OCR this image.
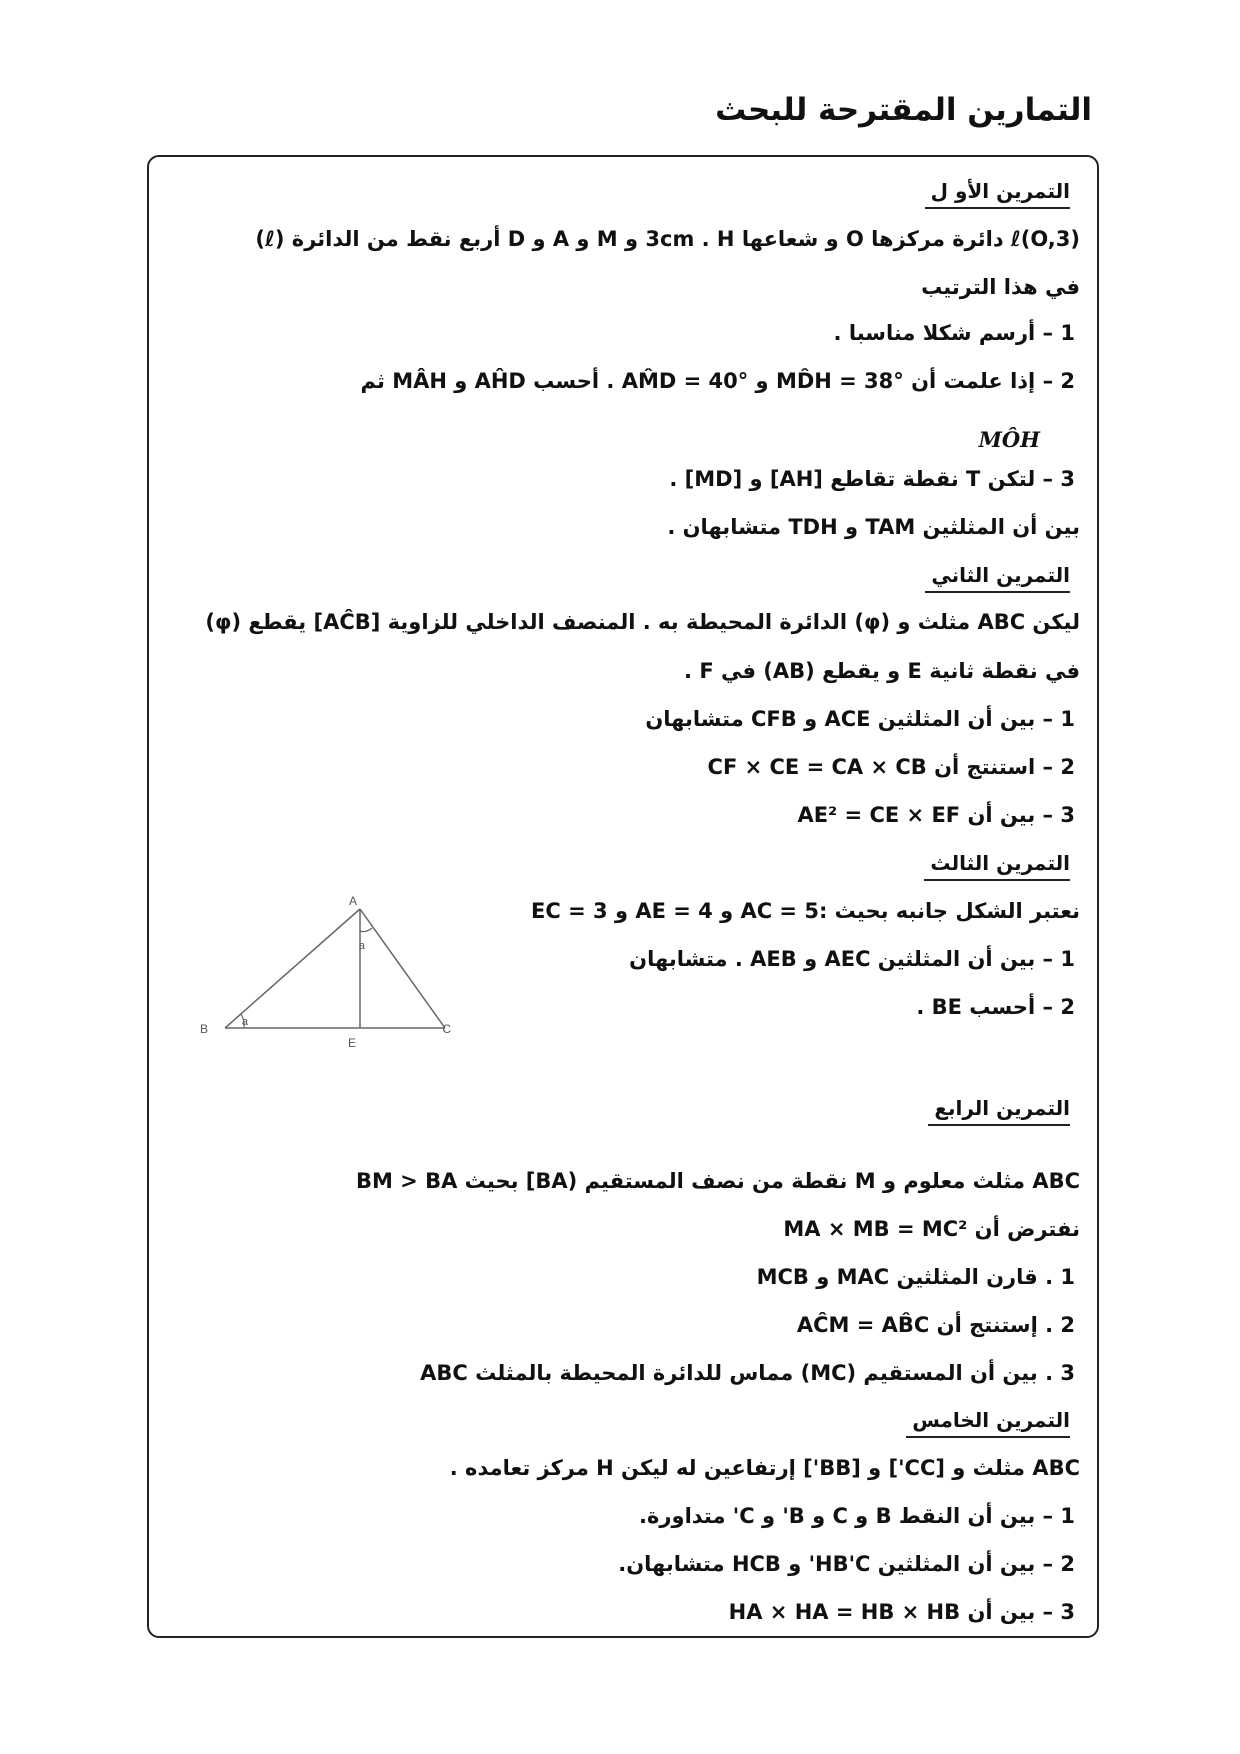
التمارين المقترحة للبحث
التمرين الأو ل
ℓ(O,3) دائرة مركزها O و شعاعها 3cm . H و M و A و D أربع نقط من الدائرة (ℓ)
في هذا الترتيب
1 – أرسم شكلا مناسبا .
2 – إذا علمت أن MD̂H = 38° و AM̂D = 40° . أحسب AĤD و MÂH ثم
MÔH
3 – لتكن T نقطة تقاطع [AH] و [MD] .
بين أن المثلثين TAM و TDH متشابهان .
التمرين الثاني
ليكن ABC مثلث و (φ) الدائرة المحيطة به . المنصف الداخلي للزاوية [AĈB] يقطع (φ)
في نقطة ثانية E و يقطع (AB) في F .
1 – بين أن المثلثين ACE و CFB متشابهان
2 – استنتج أن CF × CE = CA × CB
3 – بين أن AE² = CE × EF
التمرين الثالث
نعتبر الشكل جانبه بحيث :AC = 5 و AE = 4 و EC = 3
1 – بين أن المثلثين AEC و AEB . متشابهان
2 – أحسب BE .
A
B	C
E
a
a
التمرين الرابع
ABC مثلث معلوم و M نقطة من نصف المستقيم (BA] بحيث BM > BA
نفترض أن MA × MB = MC²
1 . قارن المثلثين MAC و MCB
2 . إستنتج أن AĈM = AB̂C
3 . بين أن المستقيم (MC) مماس للدائرة المحيطة بالمثلث ABC
التمرين الخامس
ABC مثلث و [CC'] و [BB'] إرتفاعين له ليكن H مركز تعامده .
1 – بين أن النقط B و C و B' و C' متداورة.
2 – بين أن المثلثين HB'C' و HCB متشابهان.
3 – بين أن HA × HA = HB × HB
